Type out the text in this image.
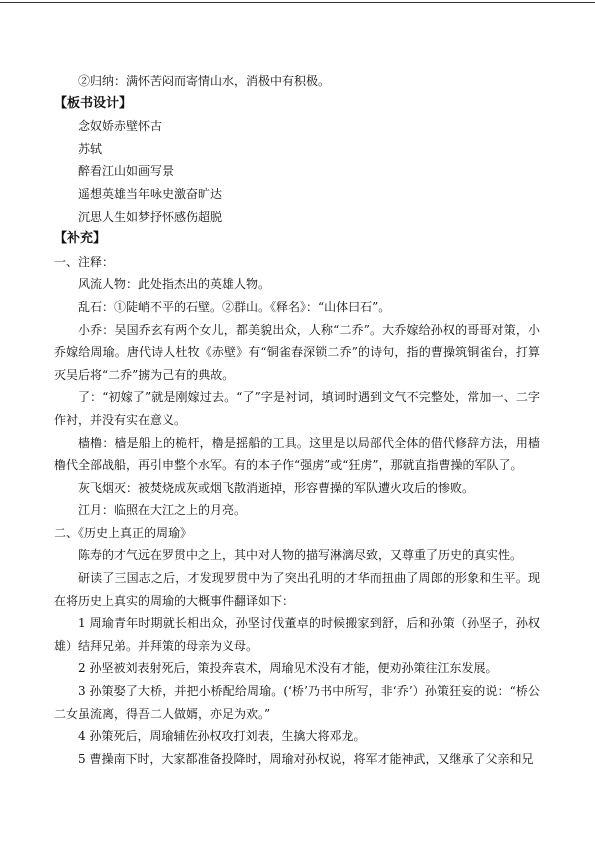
②归纳：满怀苦闷而寄情山水，消极中有积极。

【板书设计】

念奴娇赤壁怀古

苏轼

醉看江山如画写景

遥想英雄当年咏史激奋旷达

沉思人生如梦抒怀感伤超脱

【补充】

一、注释：

风流人物：此处指杰出的英雄人物。

乱石：①陡峭不平的石壁。②群山。《释名》：“山体曰石”。

小乔：吴国乔玄有两个女儿，都美貌出众，人称“二乔”。大乔嫁给孙权的哥哥对策，小乔嫁给周瑜。唐代诗人杜牧《赤壁》有“铜雀春深锁二乔”的诗句，指的曹操筑铜雀台，打算灭吴后将“二乔”掳为己有的典故。

了：“初嫁了”就是刚嫁过去。“了”字是衬词，填词时遇到文气不完整处，常加一、二字作衬，并没有实在意义。

樯橹：樯是船上的桅杆，橹是摇船的工具。这里是以局部代全体的借代修辞方法，用樯橹代全部战船，再引申整个水军。有的本子作“强虏”或“狂虏”，那就直指曹操的军队了。

灰飞烟灭：被焚烧成灰或烟飞散消逝掉，形容曹操的军队遭火攻后的惨败。

江月：临照在大江之上的月亮。

二、《历史上真正的周瑜》

陈寿的才气远在罗贯中之上，其中对人物的描写淋漓尽致，又尊重了历史的真实性。

研读了三国志之后，才发现罗贯中为了突出孔明的才华而扭曲了周郎的形象和生平。现在将历史上真实的周瑜的大概事件翻译如下：

1 周瑜青年时期就长相出众，孙坚讨伐董卓的时候搬家到舒，后和孙策（孙坚子，孙权雄）结拜兄弟。并拜策的母亲为义母。

2 孙坚被刘表射死后，策投奔袁术，周瑜见术没有才能，便劝孙策往江东发展。

3 孙策娶了大桥，并把小桥配给周瑜。(‘桥’乃书中所写，非‘乔’）孙策狂妄的说：“桥公二女虽流离，得吾二人做婿，亦足为欢。”

4 孙策死后，周瑜辅佐孙权攻打刘表，生擒大将邓龙。

5 曹操南下时，大家都准备投降时，周瑜对孙权说，将军才能神武，又继承了父亲和兄
